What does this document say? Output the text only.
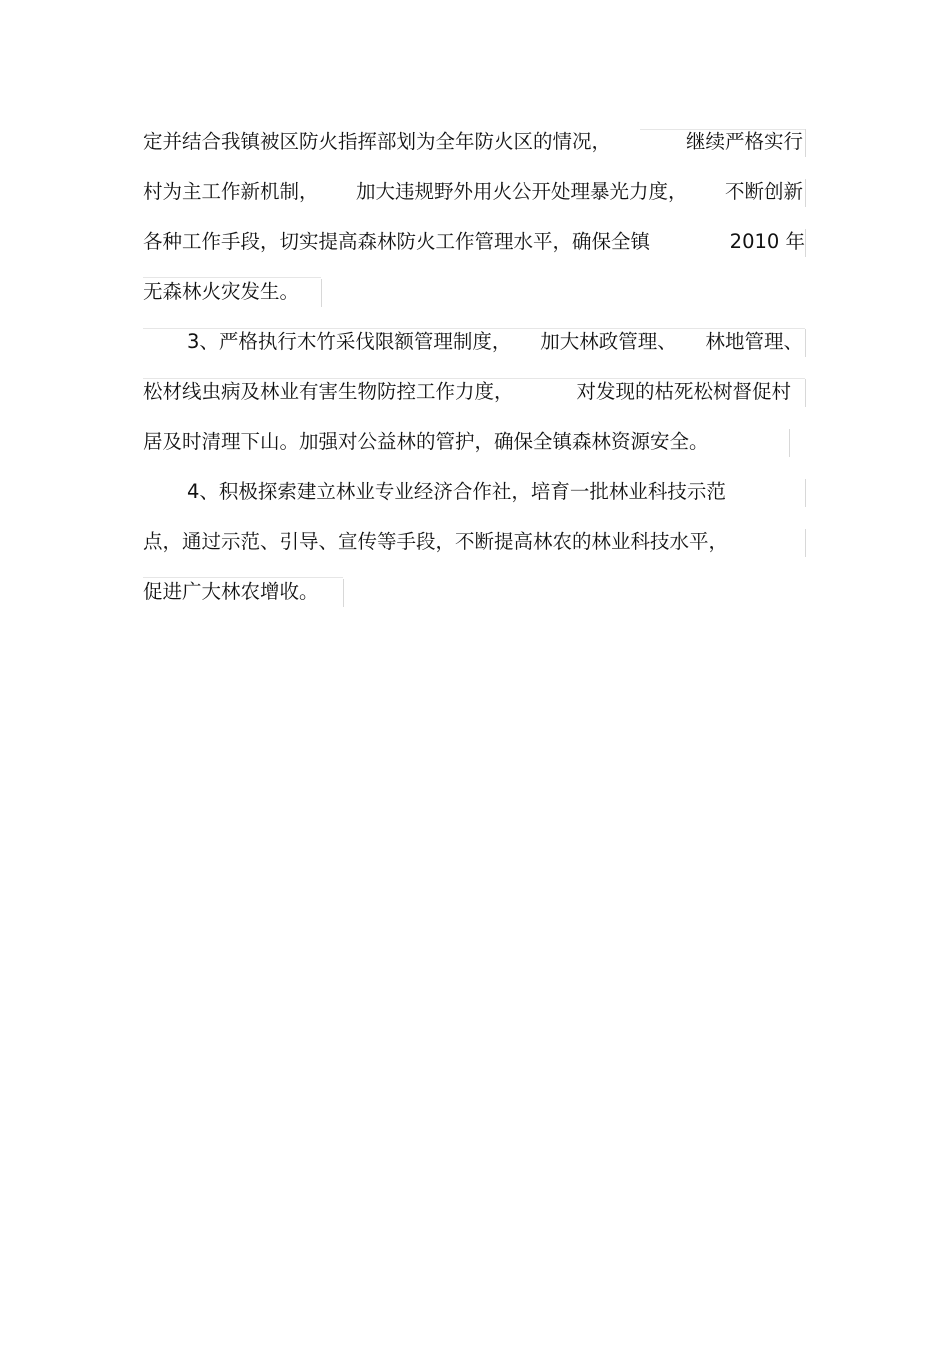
定并结合我镇被区防火指挥部划为全年防火区的情况，	继续严格实行
村为主工作新机制， 加大违规野外用火公开处理暴光力度， 不断创新
各种工作手段，切实提高森林防火工作管理水平，确保全镇	2010 年
无森林火灾发生。
3、严格执行木竹采伐限额管理制度， 加大林政管理、 林地管理、
松材线虫病及林业有害生物防控工作力度，	对发现的枯死松树督促村
居及时清理下山。加强对公益林的管护，确保全镇森林资源安全。
4、积极探索建立林业专业经济合作社，培育一批林业科技示范
点，通过示范、引导、宣传等手段，不断提高林农的林业科技水平，
促进广大林农增收。
